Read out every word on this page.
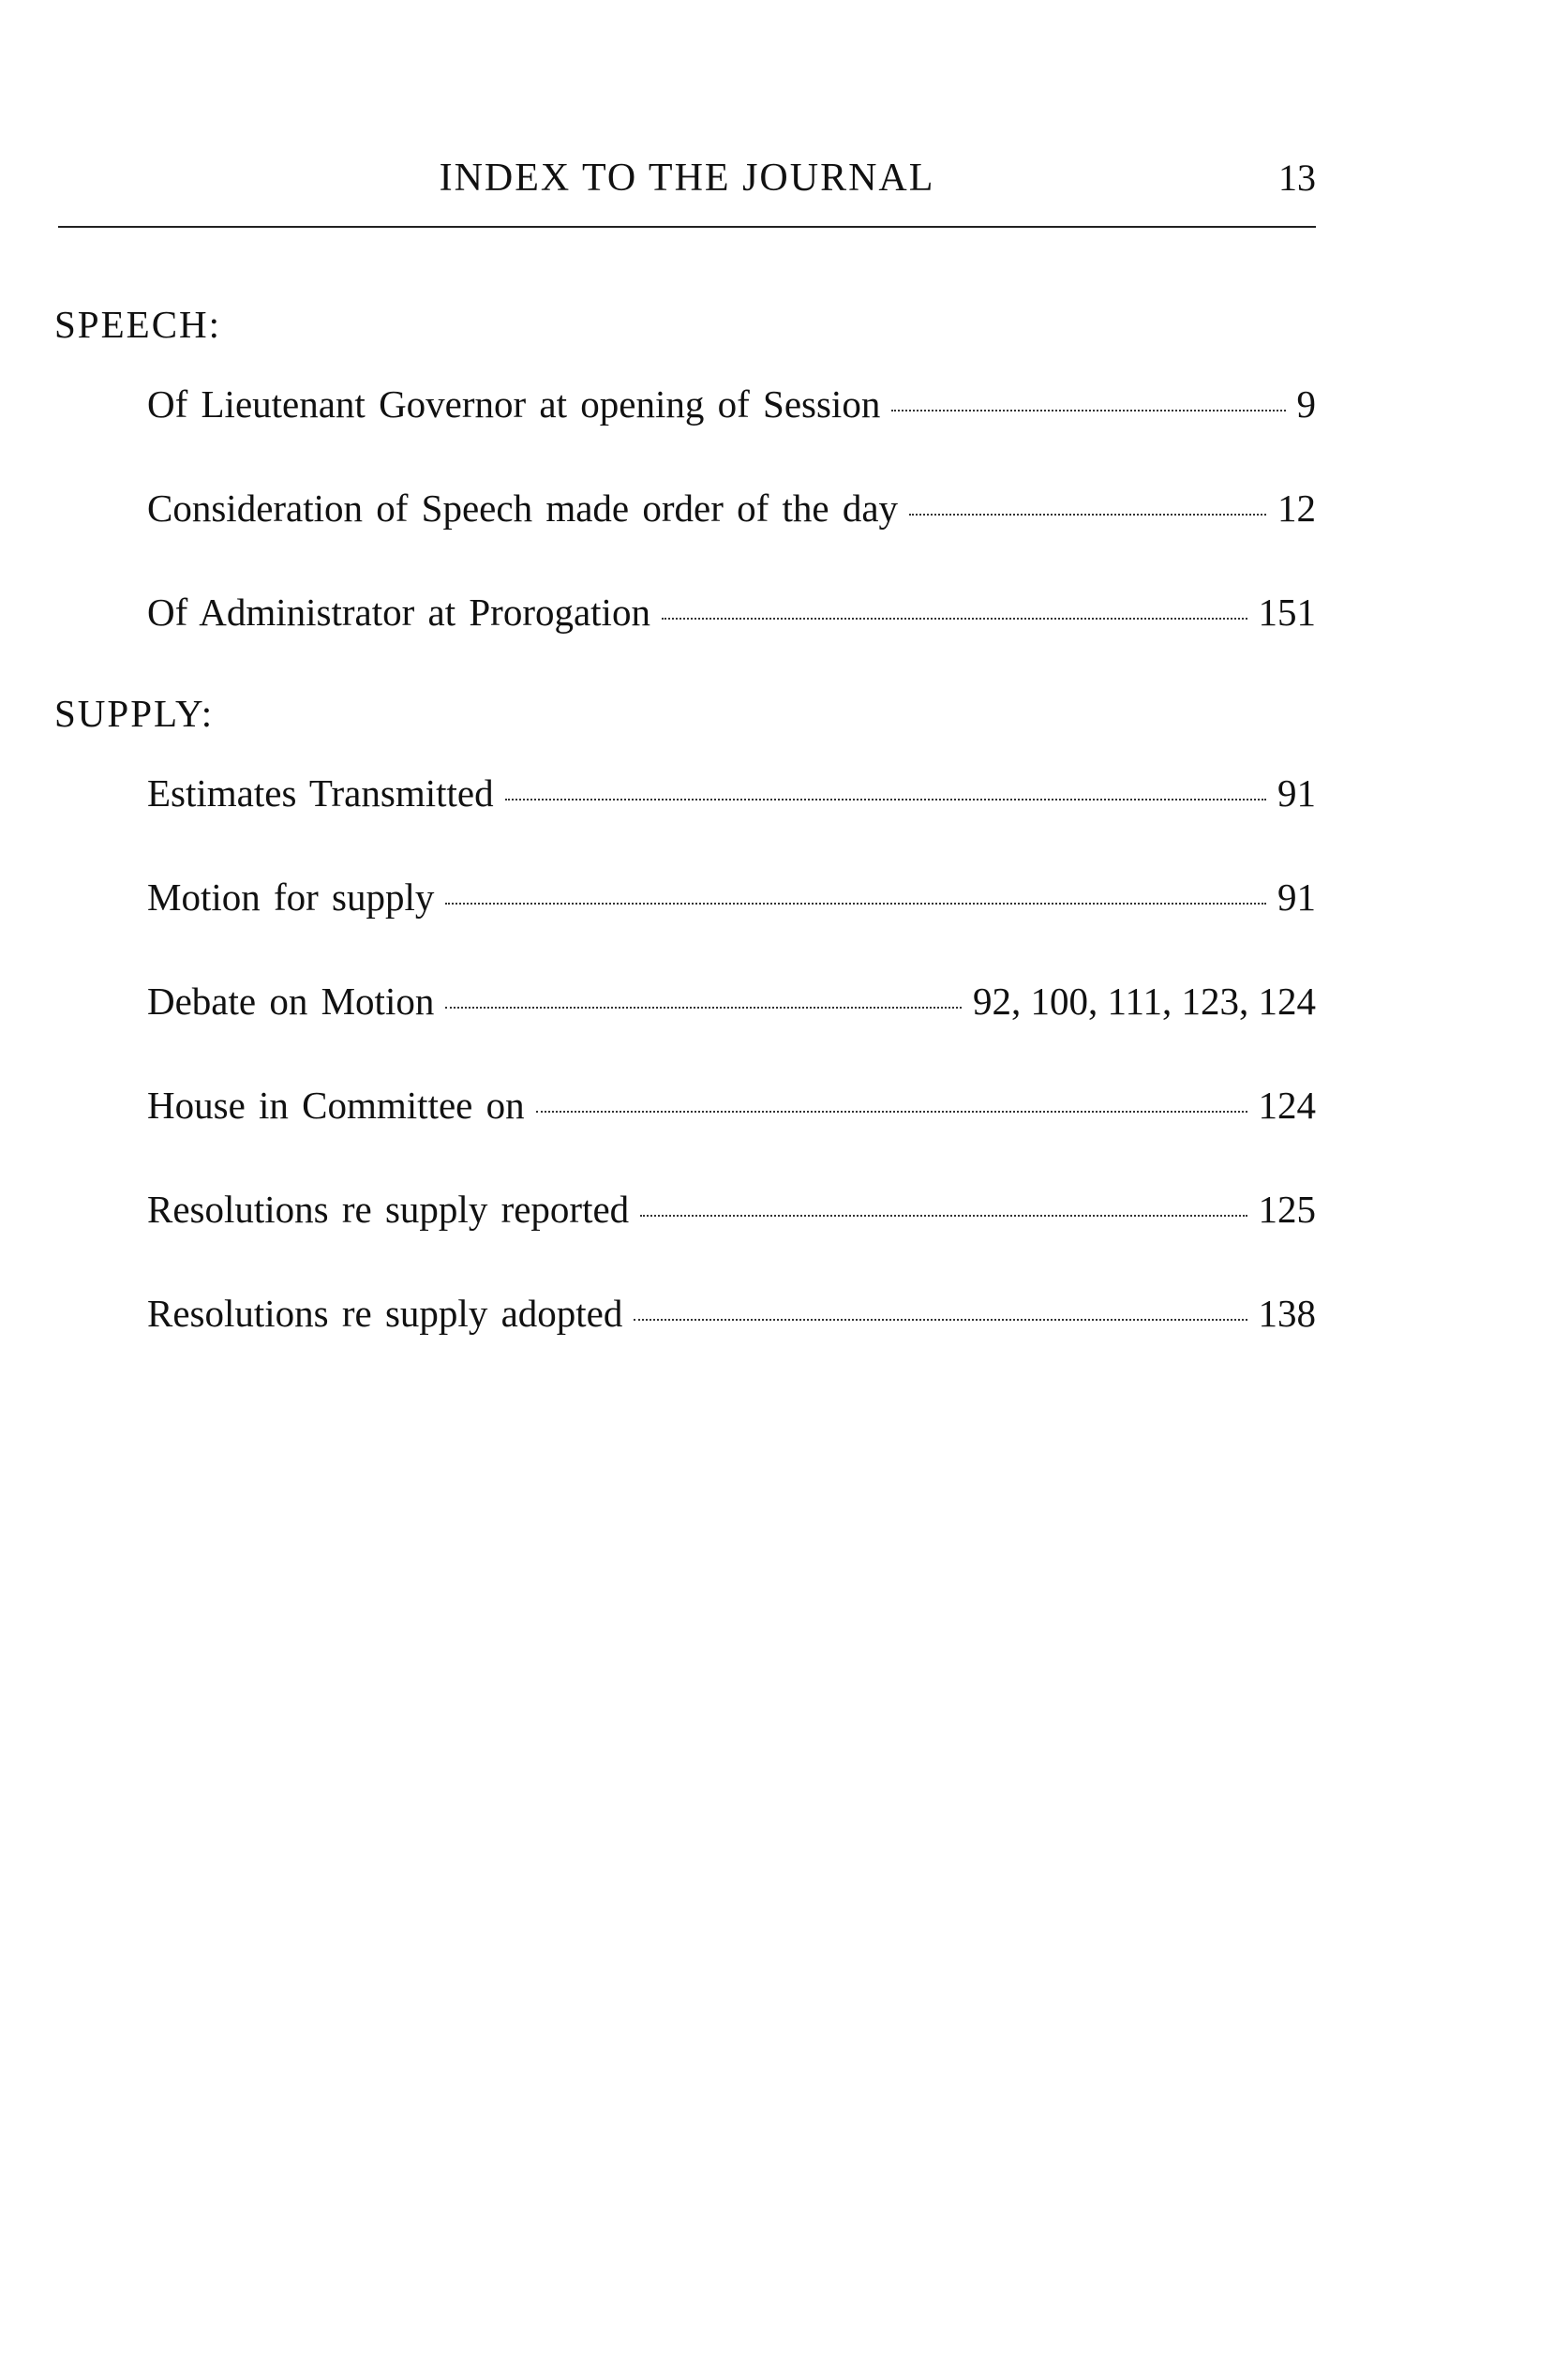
INDEX TO THE JOURNAL	13
SPEECH:
Of Lieutenant Governor at opening of Session	9
Consideration of Speech made order of the day	12
Of Administrator at Prorogation	151
SUPPLY:
Estimates Transmitted	91
Motion for supply	91
Debate on Motion	92, 100, 111, 123, 124
House in Committee on	124
Resolutions re supply reported	125
Resolutions re supply adopted	138
